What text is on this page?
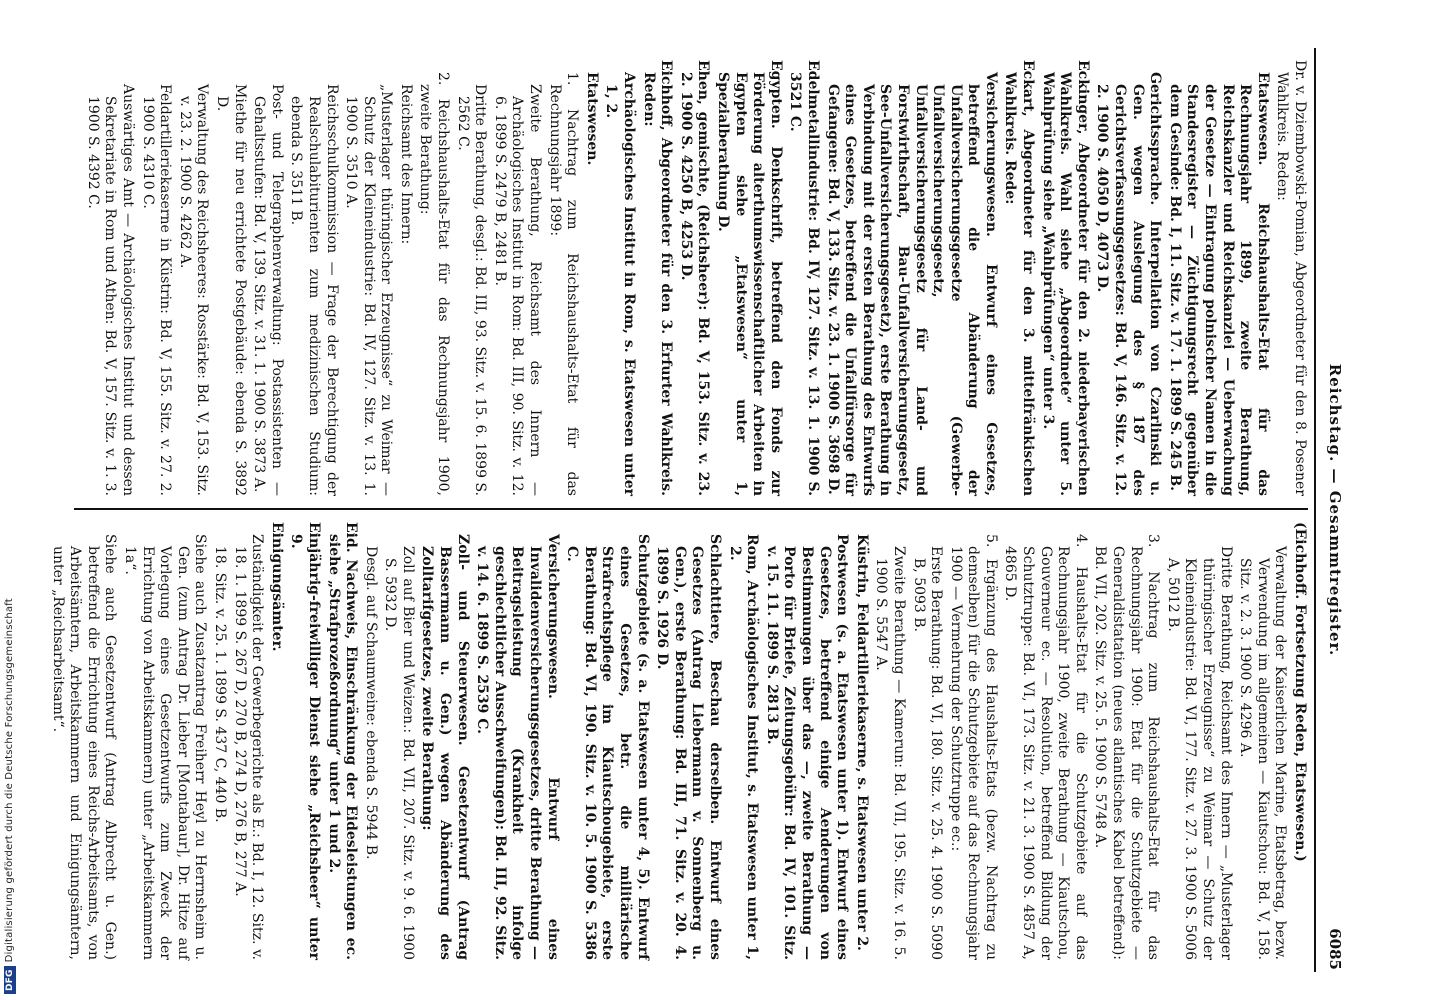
Reichstag. — Gesammtregister.
6085

Dr. v. Dziembowski-Pomian, Abgeordneter für den 8. Posener Wahlkreis. Reden:

Etatswesen. Reichshaushalts-Etat für das Rechnungsjahr 1899, zweite Berathung, Reichskanzler und Reichskanzlei — Ueberwachung der Gesetze — Eintragung polnischer Namen in die Standesregister — Züchtigungsrecht gegenüber dem Gesinde: Bd. I, 11. Sitz. v. 17. 1. 1899 S. 245 B.

Gerichtssprache. Interpellation von Czarlinski u. Gen. wegen Auslegung des § 187 des Gerichtsverfassungsgesetzes: Bd. V, 146. Sitz. v. 12. 2. 1900 S. 4050 D, 4073 D.

Eckinger, Abgeordneter für den 2. niederbayerischen Wahlkreis. Wahl siehe „Abgeordnete“ unter 5. Wahlprüfung siehe „Wahlprüfungen“ unter 3.

Eckart, Abgeordneter für den 3. mittelfränkischen Wahlkreis. Rede:

Versicherungswesen. Entwurf eines Gesetzes, betreffend die Abänderung der Unfallversicherungsgesetze (Gewerbe-Unfallversicherungsgesetz, Unfallversicherungsgesetz für Land- und Forstwirthschaft, Bau-Unfallversicherungsgesetz, See-Unfallversicherungsgesetz), erste Berathung in Verbindung mit der ersten Berathung des Entwurfs eines Gesetzes, betreffend die Unfallfürsorge für Gefangene: Bd. V, 133. Sitz. v. 23. 1. 1900 S. 3698 D.

Edelmetallindustrie: Bd. IV, 127. Sitz. v. 13. 1. 1900 S. 3521 C.

Egypten. Denkschrift, betreffend den Fonds zur Förderung alterthumswissenschaftlicher Arbeiten in Egypten siehe „Etatswesen“ unter 1, Spezialberathung D.

Ehen, gemischte, (Reichsheer): Bd. V, 153. Sitz. v. 23. 2. 1900 S. 4250 B, 4253 D.

Eichhoff, Abgeordneter für den 3. Erfurter Wahlkreis. Reden:

Archäologisches Institut in Rom, s. Etatswesen unter 1, 2.

Etatswesen.

1. Nachtrag zum Reichshaushalts-Etat für das Rechnungsjahr 1899:

Zweite Berathung, Reichsamt des Innern — Archäologisches Institut in Rom: Bd. III, 90. Sitz. v. 12. 6. 1899 S. 2479 B, 2481 B.

Dritte Berathung, desgl.: Bd. III, 93. Sitz. v. 15. 6. 1899 S. 2562 C.

2. Reichshaushalts-Etat für das Rechnungsjahr 1900, zweite Berathung:

Reichsamt des Innern:

„Musterlager thüringischer Erzeugnisse“ zu Weimar — Schutz der Kleineindustrie: Bd. IV, 127. Sitz. v. 13. 1. 1900 S. 3510 A.

Reichsschulkommission — Frage der Berechtigung der Realschulabiturienten zum medizinischen Studium: ebenda S. 3511 B.

Post- und Telegraphenverwaltung: Postassistenten — Gehaltsstufen: Bd. V, 139. Sitz. v. 31. 1. 1900 S. 3873 A.

Miethe für neu errichtete Postgebäude: ebenda S. 3892 D.

Verwaltung des Reichsheeres: Rosstärke: Bd. V, 153. Sitz. v. 23. 2. 1900 S. 4262 A.

Feldartilleriekaserne in Küstrin: Bd. V, 155. Sitz. v. 27. 2. 1900 S. 4310 C.

Auswärtiges Amt — Archäologisches Institut und dessen Sekretariate in Rom und Athen: Bd. V, 157. Sitz. v. 1. 3. 1900 S. 4392 C.

(Eichhoff. Fortsetzung Reden, Etatswesen.)

Verwaltung der Kaiserlichen Marine, Etatsbetrag, bezw. Verwendung im allgemeinen — Kiautschou: Bd. V, 158. Sitz. v. 2. 3. 1900 S. 4296 A.

Dritte Berathung, Reichsamt des Innern — „Musterlager thüringischer Erzeugnisse“ zu Weimar — Schutz der Kleineindustrie: Bd. VI, 177. Sitz. v. 27. 3. 1900 S. 5006 A, 5012 B.

3. Nachtrag zum Reichshaushalts-Etat für das Rechnungsjahr 1900: Etat für die Schutzgebiete — Generaldistatation (neues atlantisches Kabel betreffend): Bd. VII, 202. Sitz. v. 25. 5. 1900 S. 5748 A.

4. Haushalts-Etat für die Schutzgebiete auf das Rechnungsjahr 1900, zweite Berathung — Kiautschou, Gouverneur ec. — Resolution, betreffend Bildung der Schutztruppe: Bd. VI, 173. Sitz. v. 21. 3. 1900 S. 4857 A, 4865 D.

5. Ergänzung des Haushalts-Etats (bezw. Nachtrag zu demselben) für die Schutzgebiete auf das Rechnungsjahr 1900 — Vermehrung der Schutztruppe ec.:

Erste Berathung: Bd. VI, 180. Sitz. v. 25. 4. 1900 S. 5090 B, 5093 B.

Zweite Berathung — Kamerun: Bd. VII, 195. Sitz. v. 16. 5. 1900 S. 5547 A.

Küstrin, Feldartilleriekaserne, s. Etatswesen unter 2.

Postwesen (s. a. Etatswesen unter 1). Entwurf eines Gesetzes, betreffend einige Aenderungen von Bestimmungen über das —, zweite Berathung — Porto für Briefe, Zeitungsgebühr: Bd. IV, 101. Sitz. v. 15. 11. 1899 S. 2813 B.

Rom, Archäologisches Institut, s. Etatswesen unter 1, 2.

Schlachttiere, Beschau derselben. Entwurf eines Gesetzes (Antrag Liebermann v. Sonnenberg u. Gen.), erste Berathung: Bd. III, 71. Sitz. v. 20. 4. 1899 S. 1926 D.

Schutzgebiete (s. a. Etatswesen unter 4, 5). Entwurf eines Gesetzes, betr. die militärische Strafrechtspflege im Kiautschougebiete, erste Berathung: Bd. VI, 190. Sitz. v. 10. 5. 1900 S. 5386 C.

Versicherungswesen. Entwurf eines Invalidenversicherungsgesetzes, dritte Berathung — Beitragsleistung (Krankheit infolge geschlechtlicher Ausschweifungen): Bd. III, 92. Sitz. v. 14. 6. 1899 S. 2539 C.

Zoll- und Steuerwesen. Gesetzentwurf (Antrag Bassermann u. Gen.) wegen Abänderung des Zolltarifgesetzes, zweite Berathung:

Zoll auf Bier und Weizen.: Bd. VII, 207. Sitz. v. 9. 6. 1900 S. 5932 D.

Desgl. auf Schaumweine: ebenda S. 5944 B.

Eid. Nachweis, Einschränkung der Eidesleistungen ec. siehe „Strafprozeßordnung“ unter 1 und 2.

Einjährig-freiwilliger Dienst siehe „Reichsheer“ unter 9.

Einigungsämter.

Zuständigkeit der Gewerbegerichte als E.: Bd. I, 12. Sitz. v. 18. 1. 1899 S. 267 D, 270 B, 274 D, 276 B, 277 A.

18. Sitz. v. 25. 1. 1899 S. 437 C, 440 B.

Siehe auch Zusatzantrag Freiherr Heyl zu Herrnsheim u. Gen. (zum Antrag Dr. Lieber [Montabaur], Dr. Hitze auf Vorlegung eines Gesetzentwurfs zum Zweck der Errichtung von Arbeitskammern) unter „Arbeitskammern 1a“.

Siehe auch Gesetzentwurf (Antrag Albrecht u. Gen.) betreffend die Errichtung eines Reichs-Arbeitsamts, von Arbeitsämtern, Arbeitskammern und Einigungsämtern, unter „Reichsarbeitsamt“.

DFGDigitalisierung gefördert durch die Deutsche Forschungsgemeinschaft
